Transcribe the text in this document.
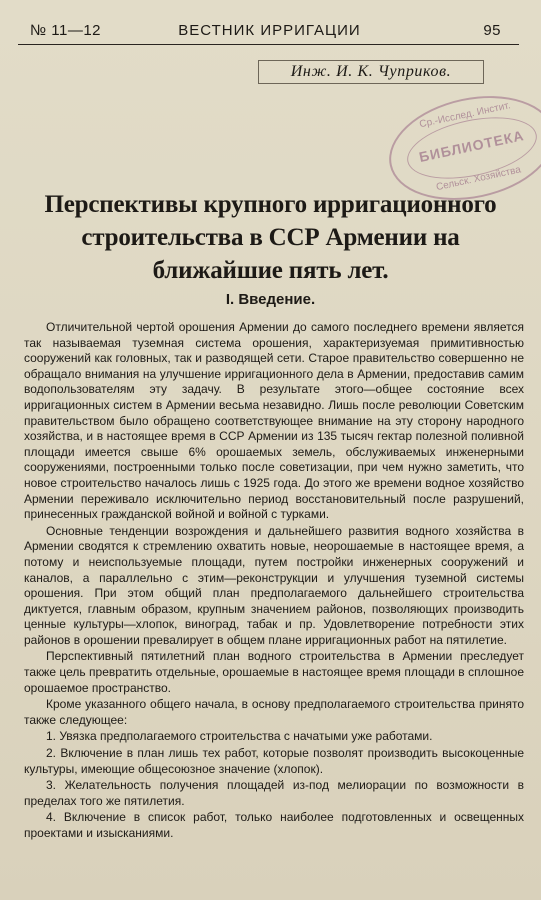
№ 11—12	ВЕСТНИК ИРРИГАЦИИ	95
Инж. И. К. Чуприков.
Ср.-Исслед. Инстит.
БИБЛИОТЕКА
Сельск. Хозяйства
Перспективы крупного ирригационного
строительства в ССР Армении на
ближайшие пять лет.
I. Введение.

Отличительной чертой орошения Армении до самого последнего времени является так называемая туземная система орошения, характеризуемая примитивностью сооружений как головных, так и разводящей сети. Старое правительство совершенно не обращало внимания на улучшение ирригационного дела в Армении, предоставив самим водопользователям эту задачу. В результате этого—общее состояние всех ирригационных систем в Армении весьма незавидно. Лишь после революции Советским правительством было обращено соответствующее внимание на эту сторону народного хозяйства, и в настоящее время в ССР Армении из 135 тысяч гектар полезной поливной площади имеется свыше 6% орошаемых земель, обслуживаемых инженерными сооружениями, построенными только после советизации, при чем нужно заметить, что новое строительство началось лишь с 1925 года. До этого же времени водное хозяйство Армении переживало исключительно период восстановительный после разрушений, принесенных гражданской войной и войной с турками.

Основные тенденции возрождения и дальнейшего развития водного хозяйства в Армении сводятся к стремлению охватить новые, неорошаемые в настоящее время, а потому и неиспользуемые площади, путем постройки инженерных сооружений и каналов, а параллельно с этим—реконструкции и улучшения туземной системы орошения. При этом общий план предполагаемого дальнейшего строительства диктуется, главным образом, крупным значением районов, позволяющих производить ценные культуры—хлопок, виноград, табак и пр. Удовлетворение потребности этих районов в орошении превалирует в общем плане ирригационных работ на пятилетие.

Перспективный пятилетний план водного строительства в Армении преследует также цель превратить отдельные, орошаемые в настоящее время площади в сплошное орошаемое пространство.

Кроме указанного общего начала, в основу предполагаемого строительства принято также следующее:

1. Увязка предполагаемого строительства с начатыми уже работами.

2. Включение в план лишь тех работ, которые позволят производить высокоценные культуры, имеющие общесоюзное значение (хлопок).

3. Желательность получения площадей из-под мелиорации по возможности в пределах того же пятилетия.

4. Включение в список работ, только наиболее подготовленных и освещенных проектами и изысканиями.
